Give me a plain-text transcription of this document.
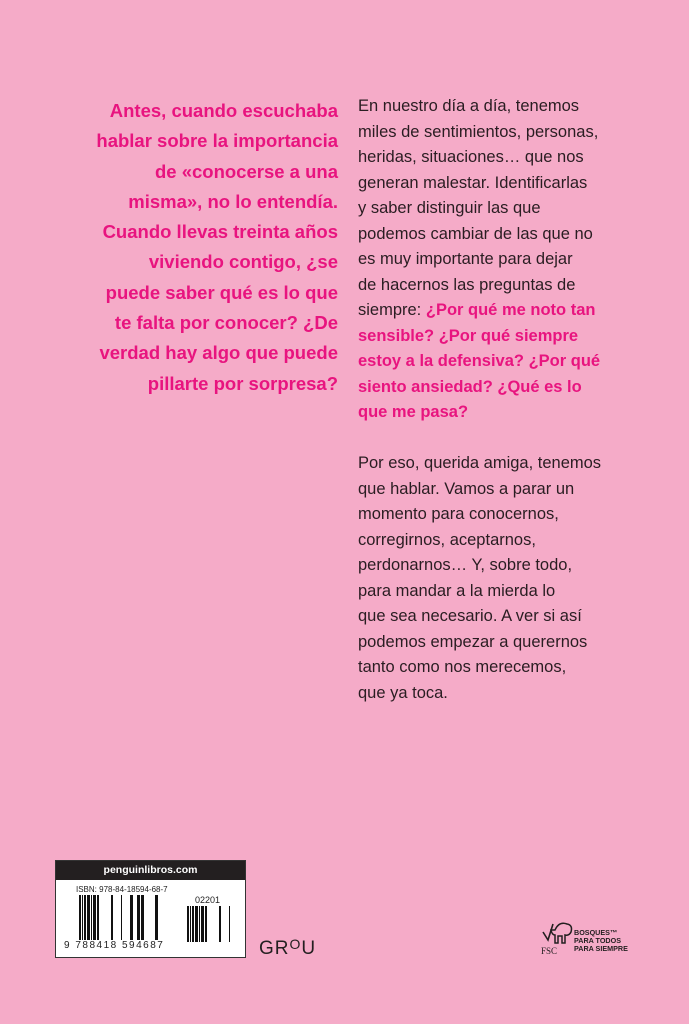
Antes, cuando escuchaba
hablar sobre la importancia
de «conocerse a una
misma», no lo entendía.
Cuando llevas treinta años
viviendo contigo, ¿se
puede saber qué es lo que
te falta por conocer? ¿De
verdad hay algo que puede
pillarte por sorpresa?
En nuestro día a día, tenemos
miles de sentimientos, personas,
heridas, situaciones… que nos
generan malestar. Identificarlas
y saber distinguir las que
podemos cambiar de las que no
es muy importante para dejar
de hacernos las preguntas de
siempre: ¿Por qué me noto tan
sensible? ¿Por qué siempre
estoy a la defensiva? ¿Por qué
siento ansiedad? ¿Qué es lo
que me pasa?
Por eso, querida amiga, tenemos
que hablar. Vamos a parar un
momento para conocernos,
corregirnos, aceptarnos,
perdonarnos… Y, sobre todo,
para mandar a la mierda lo
que sea necesario. A ver si así
podemos empezar a querernos
tanto como nos merecemos,
que ya toca.
penguinlibros.com
ISBN: 978-84-18594-68-7
02201
9 788418 594687	$GR^OU$
BOSQUES™
PARA TODOS
PARA SIEMPRE
FSC
